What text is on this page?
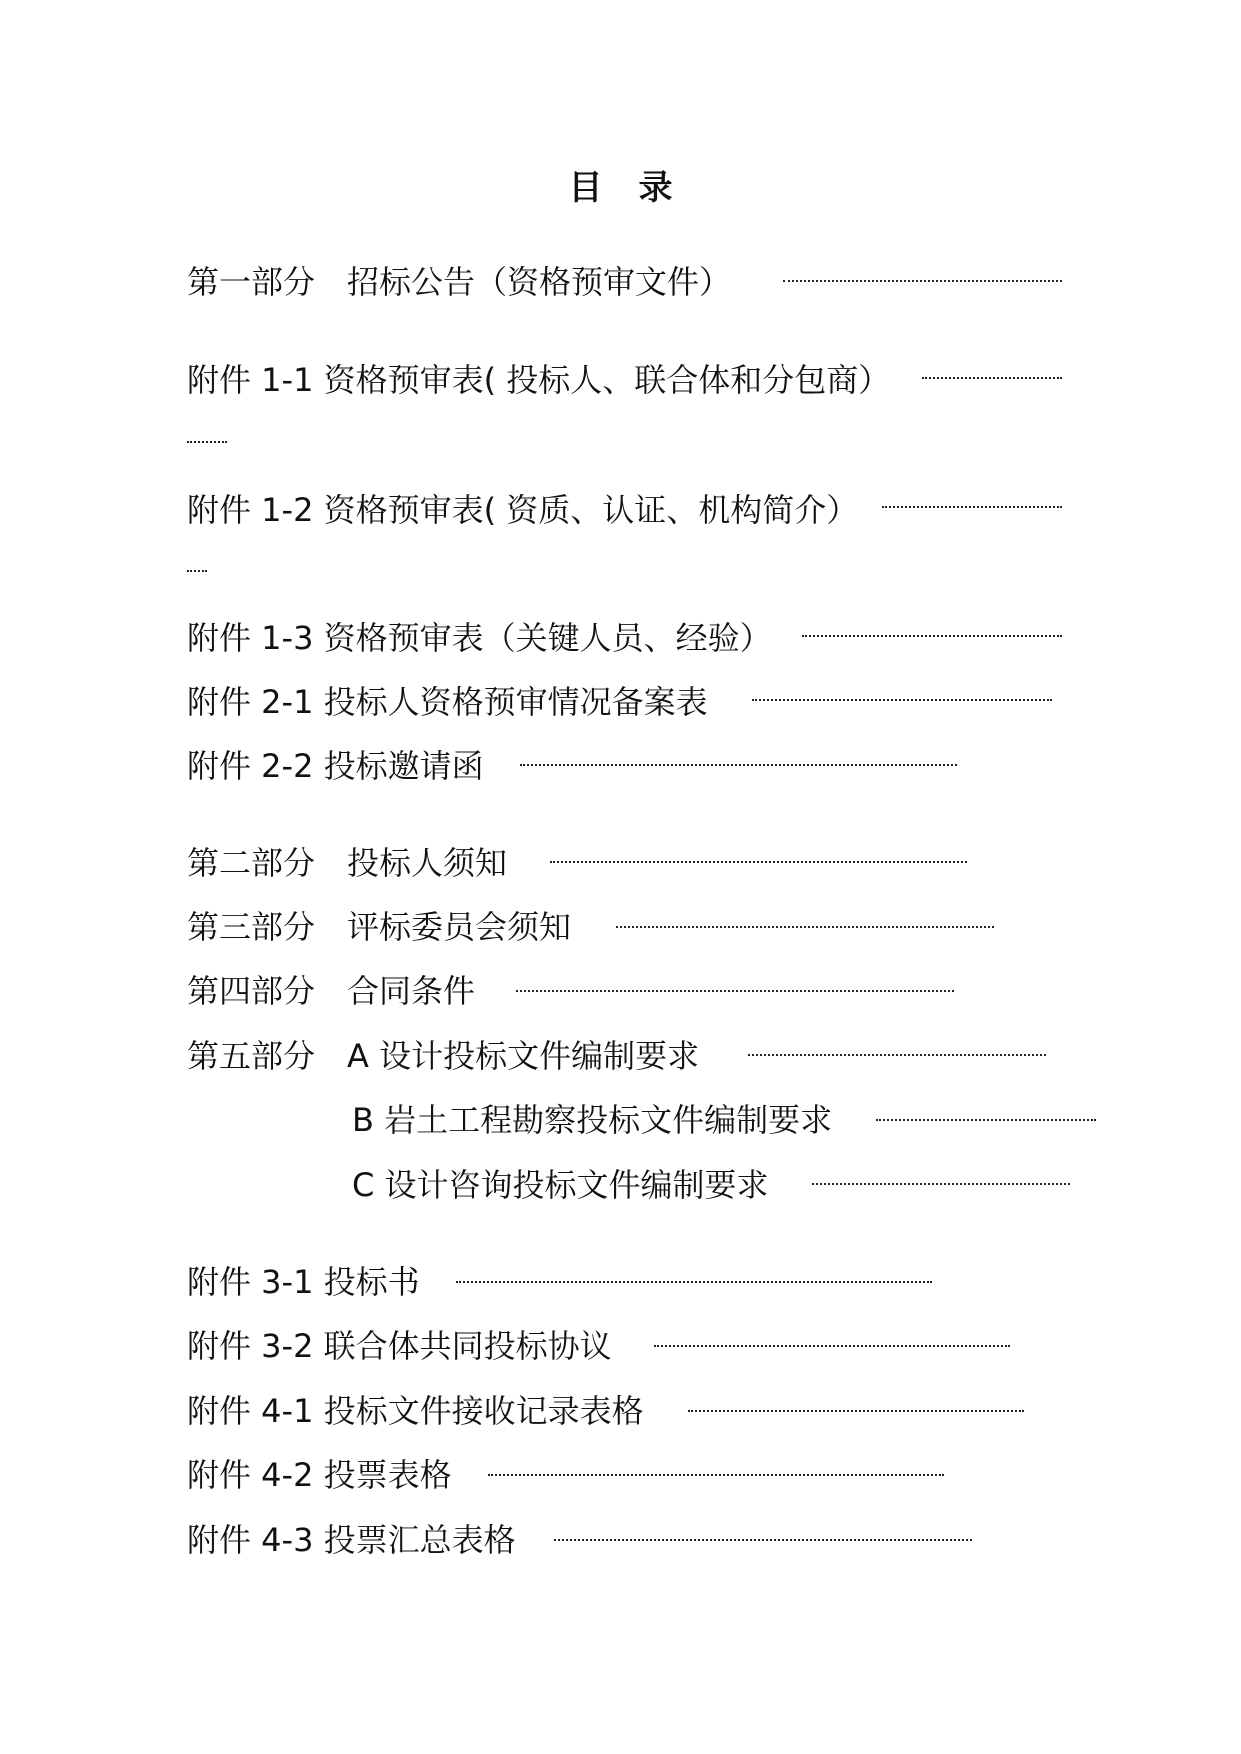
目 录
第一部分　招标公告（资格预审文件）
附件 1-1 资格预审表( 投标人、联合体和分包商）
附件 1-2 资格预审表( 资质、认证、机构简介）
附件 1-3 资格预审表（关键人员、经验）
附件 2-1 投标人资格预审情况备案表
附件 2-2 投标邀请函
第二部分　投标人须知
第三部分　评标委员会须知
第四部分　合同条件
第五部分　A 设计投标文件编制要求
B 岩土工程勘察投标文件编制要求
C 设计咨询投标文件编制要求
附件 3-1 投标书
附件 3-2 联合体共同投标协议
附件 4-1 投标文件接收记录表格
附件 4-2 投票表格
附件 4-3 投票汇总表格
